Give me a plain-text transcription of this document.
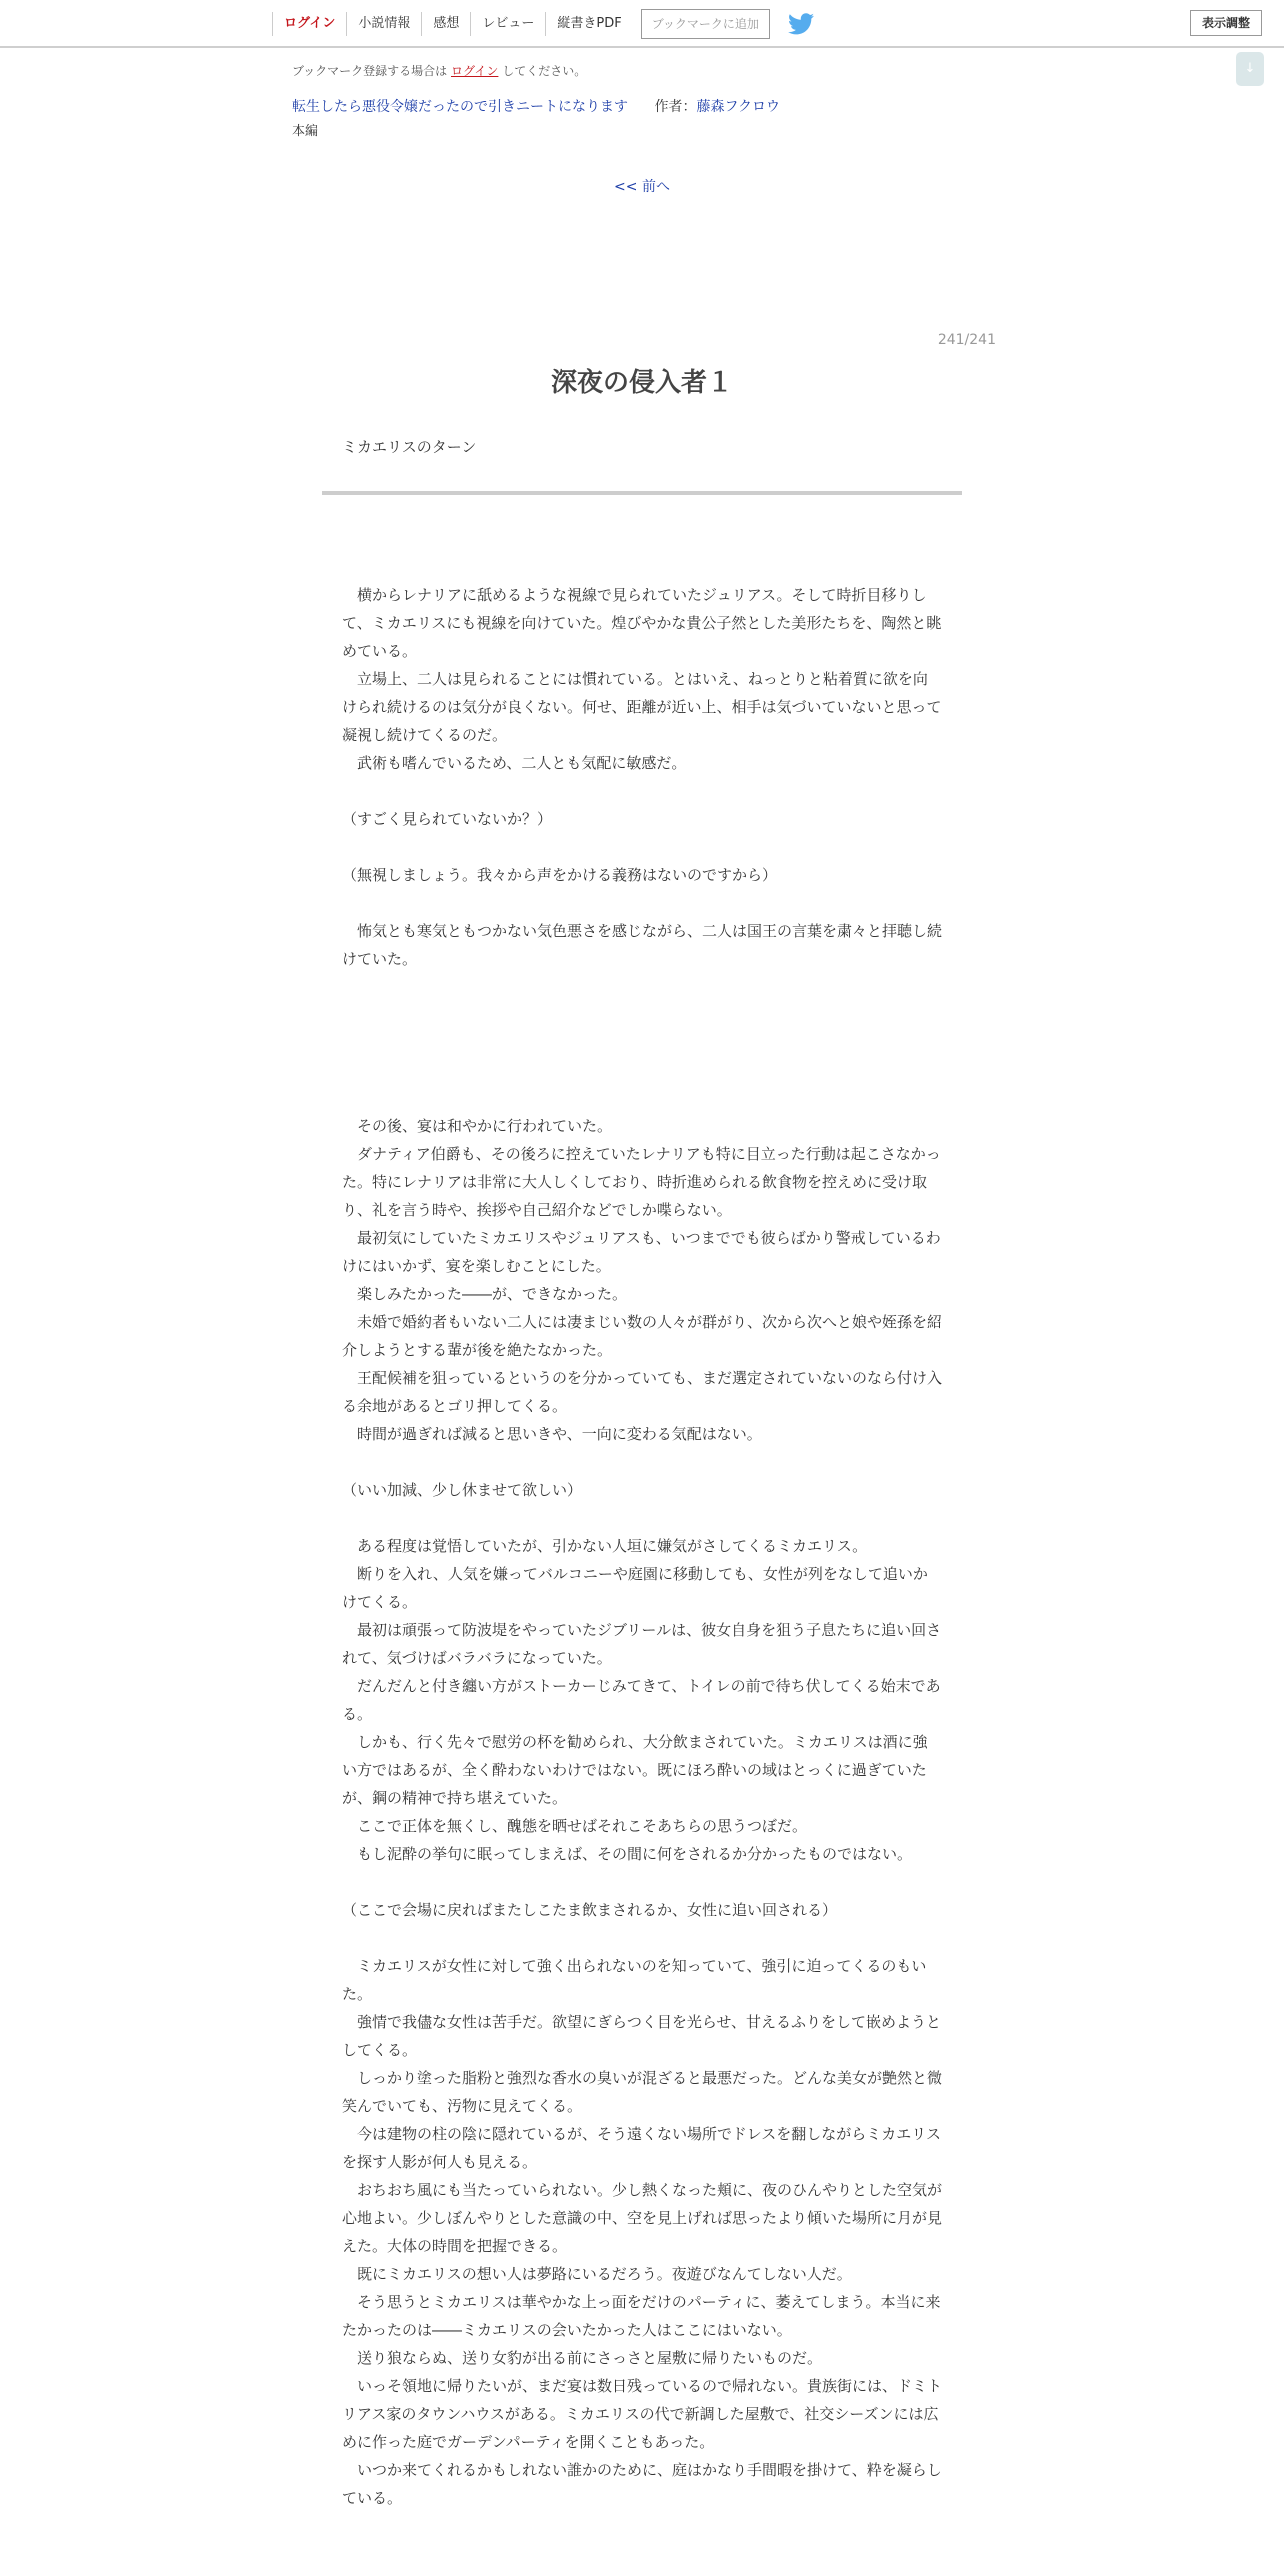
ログイン	小説情報	感想	レビュー	縦書きPDF	ブックマークに追加	表示調整
ブックマーク登録する場合は ログイン してください。	↓
転生したら悪役令嬢だったので引きニートになります 作者：藤森フクロウ
本編
<< 前へ
241/241
深夜の侵入者１
ミカエリスのターン

　横からレナリアに舐めるような視線で見られていたジュリアス。そして時折目移りして、ミカエリスにも視線を向けていた。煌びやかな貴公子然とした美形たちを、陶然と眺めている。

　立場上、二人は見られることには慣れている。とはいえ、ねっとりと粘着質に欲を向けられ続けるのは気分が良くない。何せ、距離が近い上、相手は気づいていないと思って凝視し続けてくるのだ。

　武術も嗜んでいるため、二人とも気配に敏感だ。

（すごく見られていないか？）

（無視しましょう。我々から声をかける義務はないのですから）

　怖気とも寒気ともつかない気色悪さを感じながら、二人は国王の言葉を粛々と拝聴し続けていた。

　その後、宴は和やかに行われていた。

　ダナティア伯爵も、その後ろに控えていたレナリアも特に目立った行動は起こさなかった。特にレナリアは非常に大人しくしており、時折進められる飲食物を控えめに受け取り、礼を言う時や、挨拶や自己紹介などでしか喋らない。

　最初気にしていたミカエリスやジュリアスも、いつまででも彼らばかり警戒しているわけにはいかず、宴を楽しむことにした。

　楽しみたかった――が、できなかった。

　未婚で婚約者もいない二人には凄まじい数の人々が群がり、次から次へと娘や姪孫を紹介しようとする輩が後を絶たなかった。

　王配候補を狙っているというのを分かっていても、まだ選定されていないのなら付け入る余地があるとゴリ押してくる。

　時間が過ぎれば減ると思いきや、一向に変わる気配はない。

（いい加減、少し休ませて欲しい）

　ある程度は覚悟していたが、引かない人垣に嫌気がさしてくるミカエリス。

　断りを入れ、人気を嫌ってバルコニーや庭園に移動しても、女性が列をなして追いかけてくる。

　最初は頑張って防波堤をやっていたジブリールは、彼女自身を狙う子息たちに追い回されて、気づけばバラバラになっていた。

　だんだんと付き纏い方がストーカーじみてきて、トイレの前で待ち伏してくる始末である。

　しかも、行く先々で慰労の杯を勧められ、大分飲まされていた。ミカエリスは酒に強い方ではあるが、全く酔わないわけではない。既にほろ酔いの域はとっくに過ぎていたが、鋼の精神で持ち堪えていた。

　ここで正体を無くし、醜態を晒せばそれこそあちらの思うつぼだ。

　もし泥酔の挙句に眠ってしまえば、その間に何をされるか分かったものではない。

（ここで会場に戻ればまたしこたま飲まされるか、女性に追い回される）

　ミカエリスが女性に対して強く出られないのを知っていて、強引に迫ってくるのもいた。

　強情で我儘な女性は苦手だ。欲望にぎらつく目を光らせ、甘えるふりをして嵌めようとしてくる。

　しっかり塗った脂粉と強烈な香水の臭いが混ざると最悪だった。どんな美女が艶然と微笑んでいても、汚物に見えてくる。

　今は建物の柱の陰に隠れているが、そう遠くない場所でドレスを翻しながらミカエリスを探す人影が何人も見える。

　おちおち風にも当たっていられない。少し熱くなった頬に、夜のひんやりとした空気が心地よい。少しぼんやりとした意識の中、空を見上げれば思ったより傾いた場所に月が見えた。大体の時間を把握できる。

　既にミカエリスの想い人は夢路にいるだろう。夜遊びなんてしない人だ。

　そう思うとミカエリスは華やかな上っ面をだけのパーティに、萎えてしまう。本当に来たかったのは――ミカエリスの会いたかった人はここにはいない。

　送り狼ならぬ、送り女豹が出る前にさっさと屋敷に帰りたいものだ。

　いっそ領地に帰りたいが、まだ宴は数日残っているので帰れない。貴族街には、ドミトリアス家のタウンハウスがある。ミカエリスの代で新調した屋敷で、社交シーズンには広めに作った庭でガーデンパーティを開くこともあった。

　いつか来てくれるかもしれない誰かのために、庭はかなり手間暇を掛けて、粋を凝らしている。
